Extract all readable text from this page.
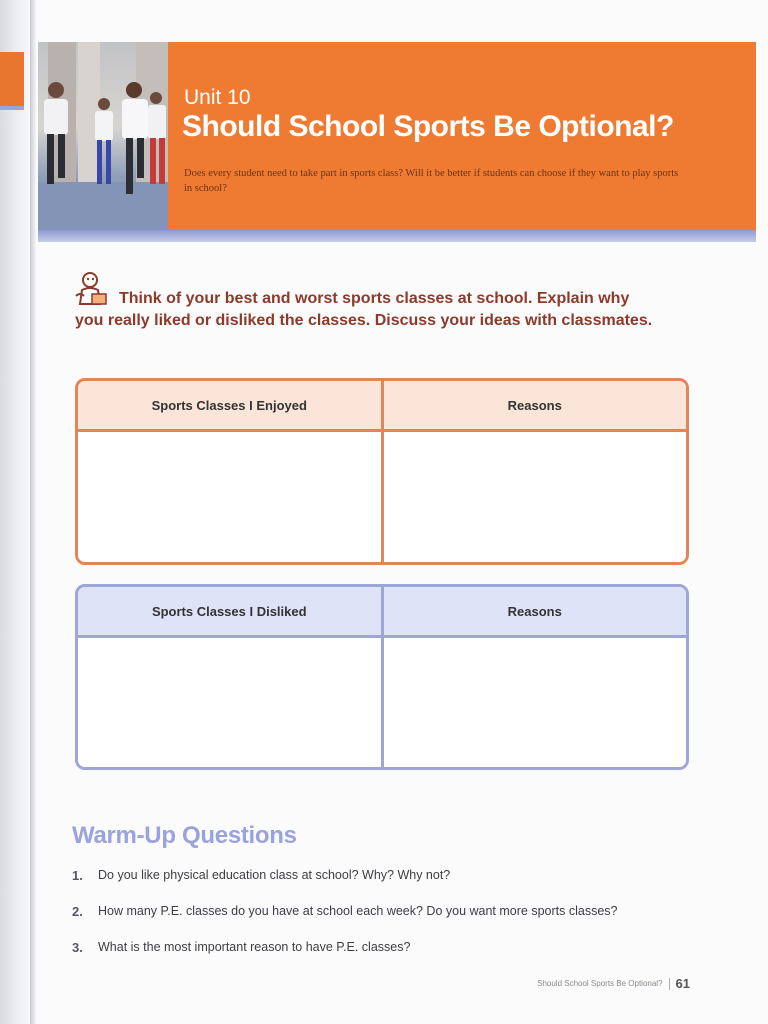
Unit 10
Should School Sports Be Optional?
Does every student need to take part in sports class? Will it be better if students can choose if they want to play sports in school?
Think of your best and worst sports classes at school. Explain why you really liked or disliked the classes. Discuss your ideas with classmates.
Sports Classes I Enjoyed	Reasons
Sports Classes I Disliked	Reasons
Warm-Up Questions
1.	Do you like physical education class at school? Why? Why not?
2.	How many P.E. classes do you have at school each week? Do you want more sports classes?
3.	What is the most important reason to have P.E. classes?
Should School Sports Be Optional? 61
